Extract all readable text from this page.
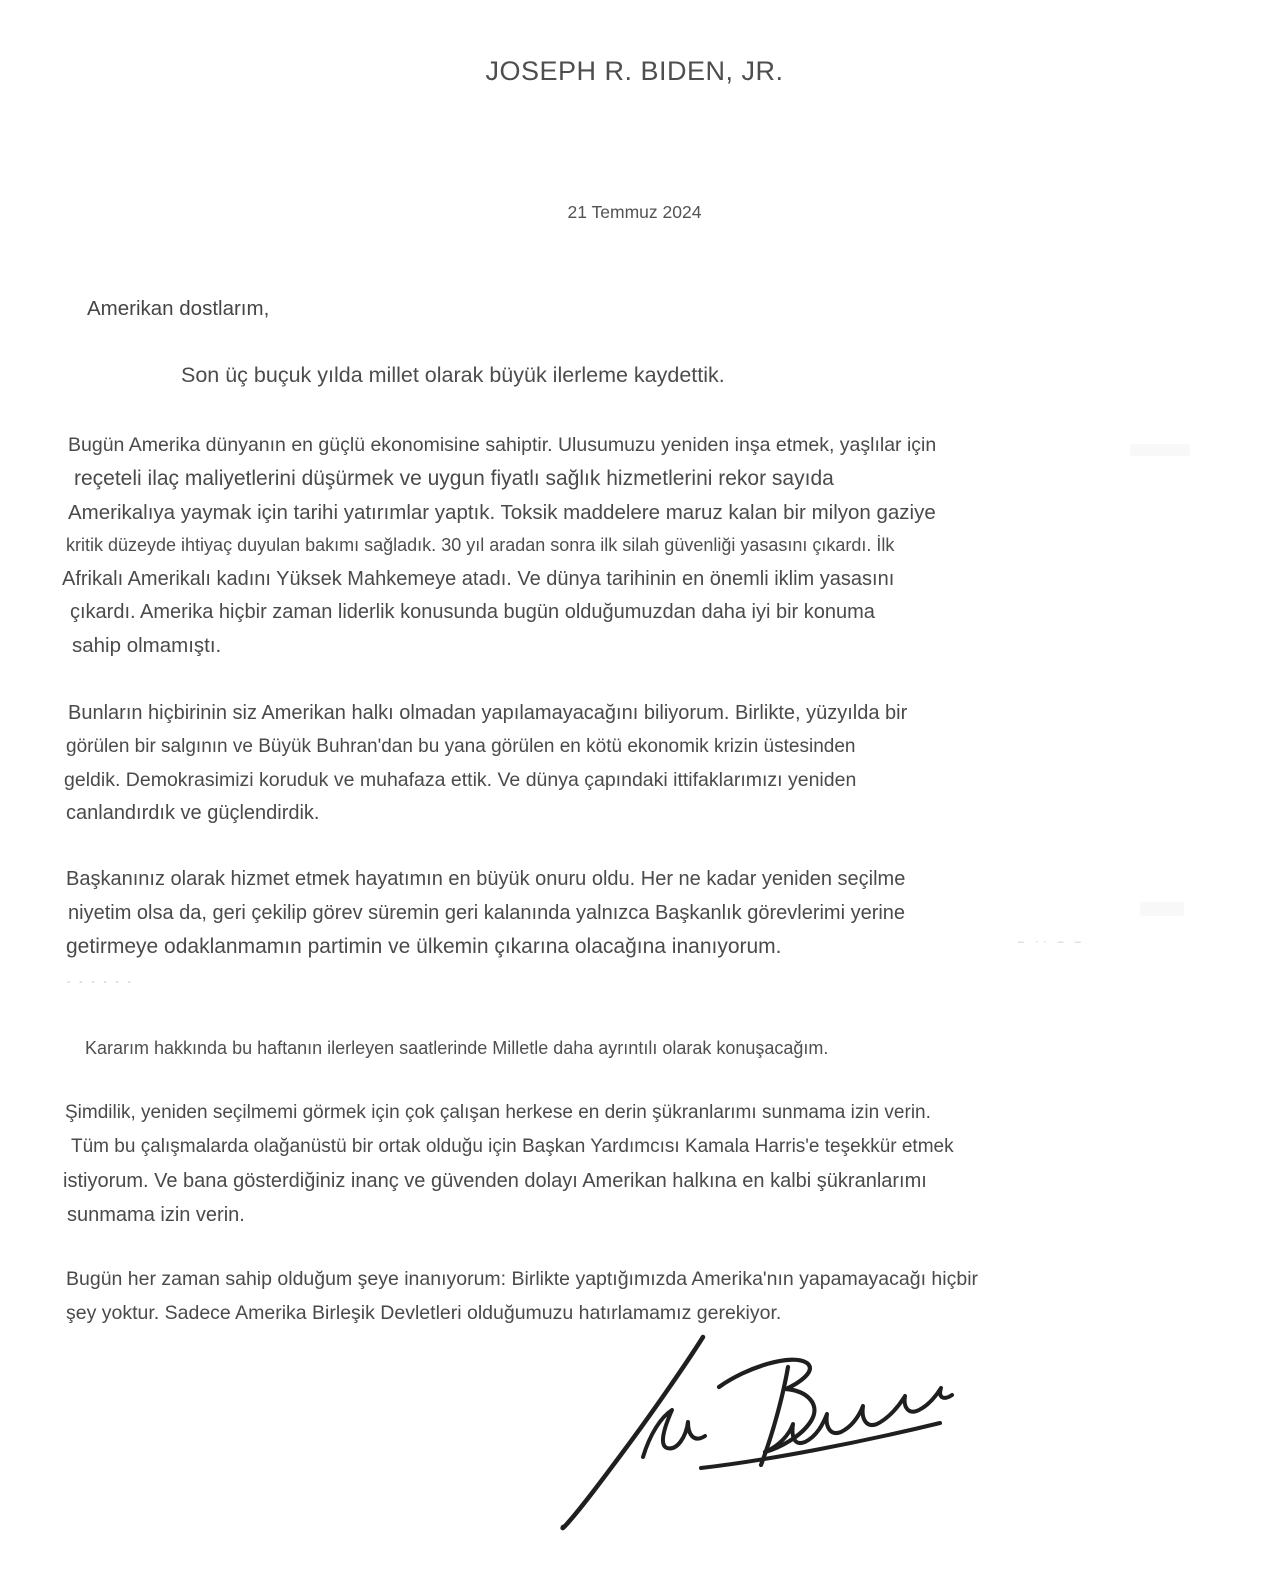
JOSEPH R. BIDEN, JR.
21 Temmuz 2024
Amerikan dostlarım,
Son üç buçuk yılda millet olarak büyük ilerleme kaydettik.
Bugün Amerika dünyanın en güçlü ekonomisine sahiptir. Ulusumuzu yeniden inşa etmek, yaşlılar için
reçeteli ilaç maliyetlerini düşürmek ve uygun fiyatlı sağlık hizmetlerini rekor sayıda
Amerikalıya yaymak için tarihi yatırımlar yaptık. Toksik maddelere maruz kalan bir milyon gaziye
kritik düzeyde ihtiyaç duyulan bakımı sağladık. 30 yıl aradan sonra ilk silah güvenliği yasasını çıkardı. İlk
Afrikalı Amerikalı kadını Yüksek Mahkemeye atadı. Ve dünya tarihinin en önemli iklim yasasını
çıkardı. Amerika hiçbir zaman liderlik konusunda bugün olduğumuzdan daha iyi bir konuma
sahip olmamıştı.
Bunların hiçbirinin siz Amerikan halkı olmadan yapılamayacağını biliyorum. Birlikte, yüzyılda bir
görülen bir salgının ve Büyük Buhran'dan bu yana görülen en kötü ekonomik krizin üstesinden
geldik. Demokrasimizi koruduk ve muhafaza ettik. Ve dünya çapındaki ittifaklarımızı yeniden
canlandırdık ve güçlendirdik.
Başkanınız olarak hizmet etmek hayatımın en büyük onuru oldu. Her ne kadar yeniden seçilme
niyetim olsa da, geri çekilip görev süremin geri kalanında yalnızca Başkanlık görevlerimi yerine
getirmeye odaklanmamın partimin ve ülkemin çıkarına olacağına inanıyorum.	– ·· – –
- - - - - -
Kararım hakkında bu haftanın ilerleyen saatlerinde Milletle daha ayrıntılı olarak konuşacağım.
Şimdilik, yeniden seçilmemi görmek için çok çalışan herkese en derin şükranlarımı sunmama izin verin.
Tüm bu çalışmalarda olağanüstü bir ortak olduğu için Başkan Yardımcısı Kamala Harris'e teşekkür etmek
istiyorum. Ve bana gösterdiğiniz inanç ve güvenden dolayı Amerikan halkına en kalbi şükranlarımı
sunmama izin verin.
Bugün her zaman sahip olduğum şeye inanıyorum: Birlikte yaptığımızda Amerika'nın yapamayacağı hiçbir
şey yoktur. Sadece Amerika Birleşik Devletleri olduğumuzu hatırlamamız gerekiyor.
